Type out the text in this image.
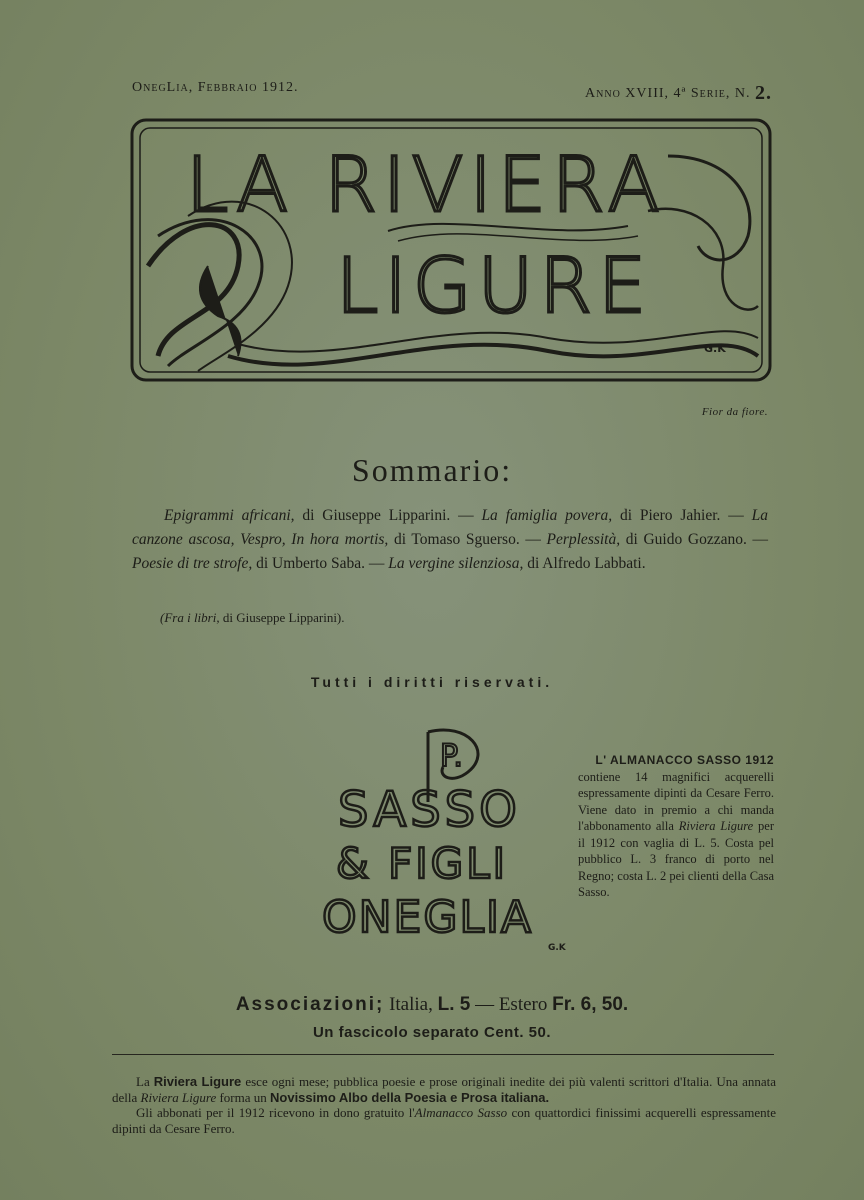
OnegLia, Febbraio 1912.	Anno XVIII, 4ª Serie, N. 2.
LA RIVIERA
LIGURE
G.K
Fior da fiore.
Sommario:
Epigrammi africani, di Giuseppe Lipparini. — La famiglia povera, di Piero Jahier. — La canzone ascosa, Vespro, In hora mortis, di Tomaso Sguerso. — Perplessità, di Guido Gozzano. — Poesie di tre strofe, di Umberto Saba. — La vergine silenziosa, di Alfredo Labbati.
(Fra i libri, di Giuseppe Lipparini).
Tutti i diritti riservati.
P.
SASSO
& FIGLI
ONEGLIA
G.K
L' ALMANACCO SASSO 1912
contiene 14 magnifici acquerelli espressamente dipinti da Cesare Ferro. Viene dato in premio a chi manda l'abbonamento alla Riviera Ligure per il 1912 con vaglia di L. 5. Costa pel pubblico L. 3 franco di porto nel Regno; costa L. 2 pei clienti della Casa Sasso.
Associazioni; Italia, L. 5 — Estero Fr. 6, 50.
Un fascicolo separato Cent. 50.

La Riviera Ligure esce ogni mese; pubblica poesie e prose originali inedite dei più valenti scrittori d'Italia. Una annata della Riviera Ligure forma un Novissimo Albo della Poesia e Prosa italiana.

Gli abbonati per il 1912 ricevono in dono gratuito l'Almanacco Sasso con quattordici finissimi acquerelli espressamente dipinti da Cesare Ferro.
